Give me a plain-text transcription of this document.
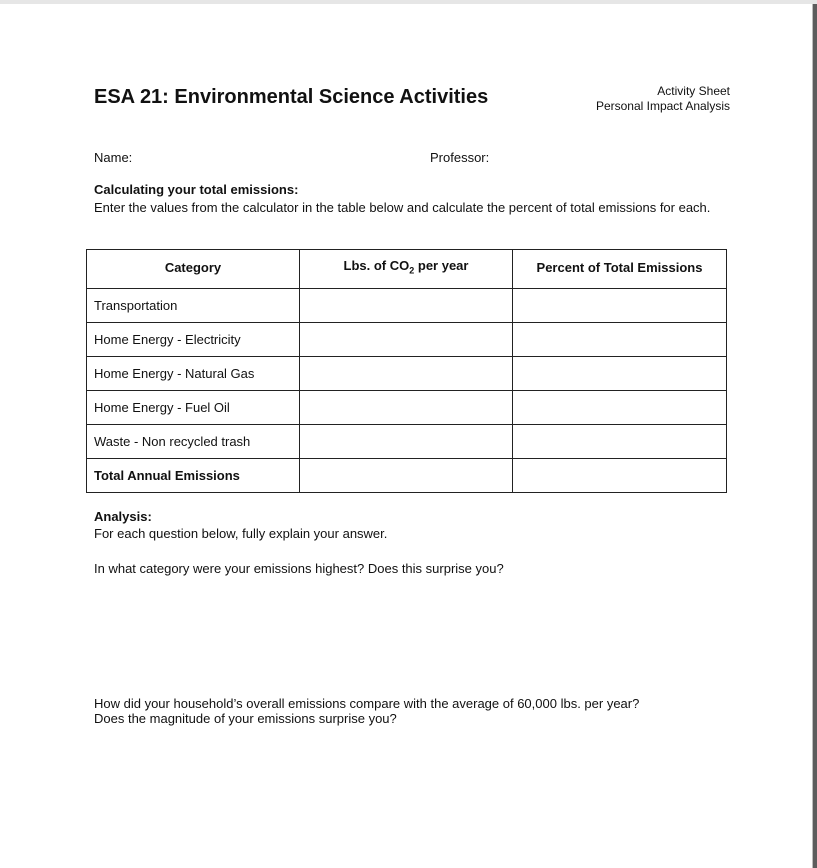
ESA 21: Environmental Science Activities	Activity Sheet
Personal Impact Analysis
Name:	Professor:
Calculating your total emissions:
Enter the values from the calculator in the table below and calculate the percent of total emissions for each.
Category	Lbs. of $CO_2$ per year	Percent of Total Emissions
Transportation		
Home Energy - Electricity		
Home Energy - Natural Gas		
Home Energy - Fuel Oil		
Waste - Non recycled trash		
Total Annual Emissions		
Analysis:
For each question below, fully explain your answer.
In what category were your emissions highest? Does this surprise you?
How did your household’s overall emissions compare with the average of 60,000 lbs. per year?
Does the magnitude of your emissions surprise you?
